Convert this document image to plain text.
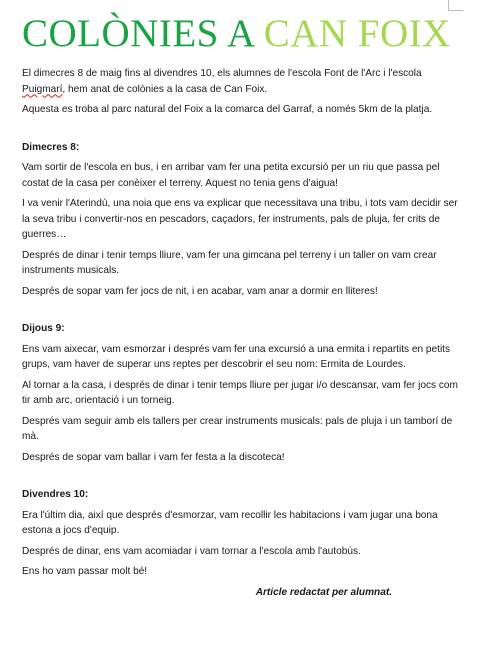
COLÒNIES A CAN FOIX

El dimecres 8 de maig fins al divendres 10, els alumnes de l'escola Font de l'Arc i l'escola Puigmarí, hem anat de colònies a la casa de Can Foix.

Aquesta es troba al parc natural del Foix a la comarca del Garraf, a només 5km de la platja.

Dimecres 8:

Vam sortir de l'escola en bus, i en arribar vam fer una petita excursió per un riu que passa pel costat de la casa per conèixer el terreny. Aquest no tenia gens d'aigua!

I va venir l'Aterindú, una noia que ens va explicar que necessitava una tribu, i tots vam decidir ser la seva tribu i convertir-nos en pescadors, caçadors, fer instruments, pals de pluja, fer crits de guerres…

Després de dinar i tenir temps lliure, vam fer una gimcana pel terreny i un taller on vam crear instruments musicals.

Després de sopar vam fer jocs de nit, i en acabar, vam anar a dormir en lliteres!

Dijous 9:

Ens vam aixecar, vam esmorzar i després vam fer una excursió a una ermita i repartits en petits grups, vam haver de superar uns reptes per descobrir el seu nom: Ermita de Lourdes.

Al tornar a la casa, i després de dinar i tenir temps lliure per jugar i/o descansar, vam fer jocs com tir amb arc, orientació i un torneig.

Després vam seguir amb els tallers per crear instruments musicals: pals de pluja i un tamborí de mà.

Després de sopar vam ballar i vam fer festa a la discoteca!

Divendres 10:

Era l'últim dia, així que després d'esmorzar, vam recollir les habitacions i vam jugar una bona estona a jocs d'equip.

Després de dinar, ens vam acomiadar i vam tornar a l'escola amb l'autobús.

Ens ho vam passar molt bé!

Article redactat per alumnat.
